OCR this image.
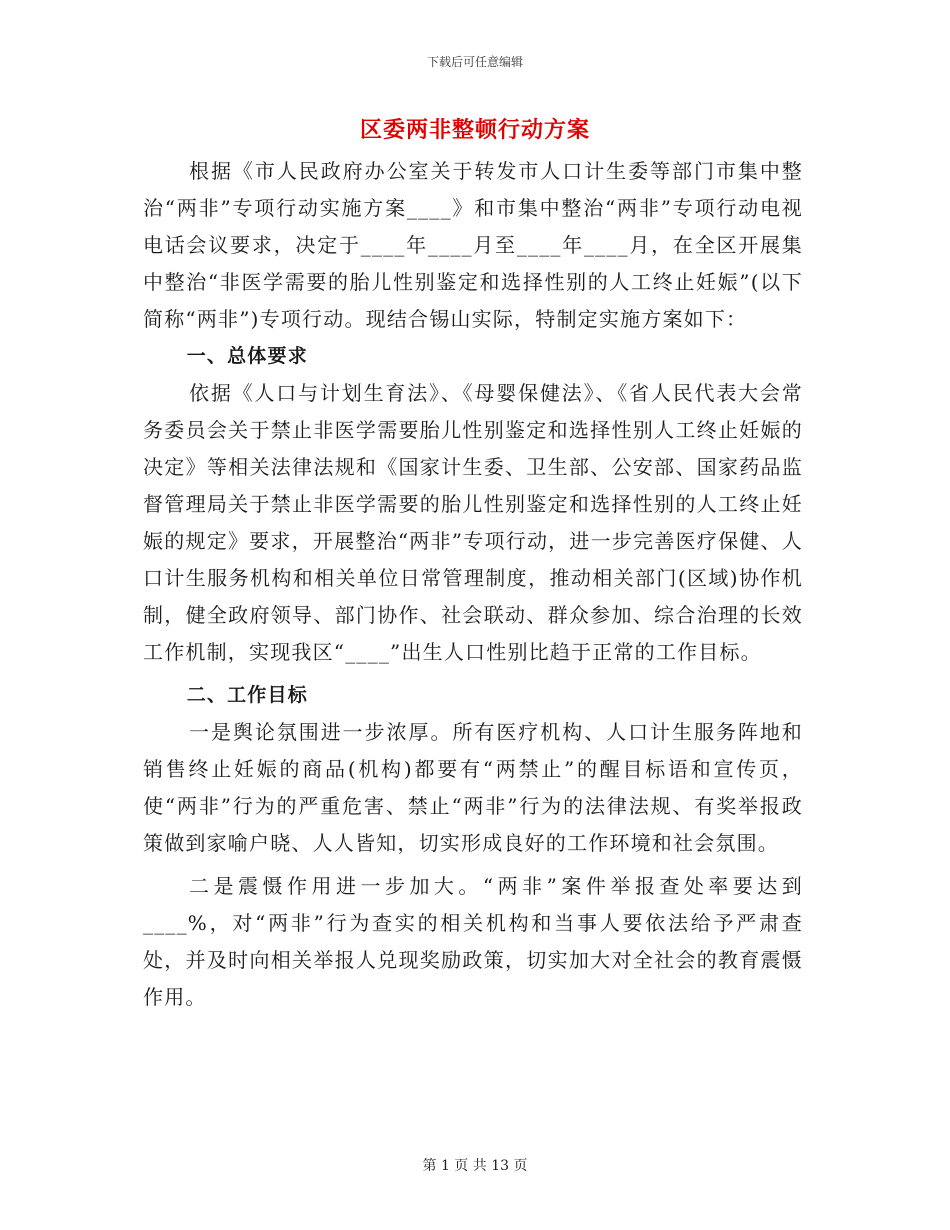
下载后可任意编辑
区委两非整顿行动方案

根据《市人民政府办公室关于转发市人口计生委等部门市集中整治“两非”专项行动实施方案____》和市集中整治“两非”专项行动电视电话会议要求，决定于____年____月至____年____月，在全区开展集中整治“非医学需要的胎儿性别鉴定和选择性别的人工终止妊娠”(以下简称“两非”)专项行动。现结合锡山实际，特制定实施方案如下：

一、总体要求

依据《人口与计划生育法》、《母婴保健法》、《省人民代表大会常务委员会关于禁止非医学需要胎儿性别鉴定和选择性别人工终止妊娠的决定》等相关法律法规和《国家计生委、卫生部、公安部、国家药品监督管理局关于禁止非医学需要的胎儿性别鉴定和选择性别的人工终止妊娠的规定》要求，开展整治“两非”专项行动，进一步完善医疗保健、人口计生服务机构和相关单位日常管理制度，推动相关部门(区域)协作机制，健全政府领导、部门协作、社会联动、群众参加、综合治理的长效工作机制，实现我区“____”出生人口性别比趋于正常的工作目标。

二、工作目标

一是舆论氛围进一步浓厚。所有医疗机构、人口计生服务阵地和销售终止妊娠的商品(机构)都要有“两禁止”的醒目标语和宣传页，使“两非”行为的严重危害、禁止“两非”行为的法律法规、有奖举报政策做到家喻户晓、人人皆知，切实形成良好的工作环境和社会氛围。

二是震慑作用进一步加大。“两非”案件举报查处率要达到____%，对“两非”行为查实的相关机构和当事人要依法给予严肃查处，并及时向相关举报人兑现奖励政策，切实加大对全社会的教育震慑作用。

第 1 页 共 13 页
